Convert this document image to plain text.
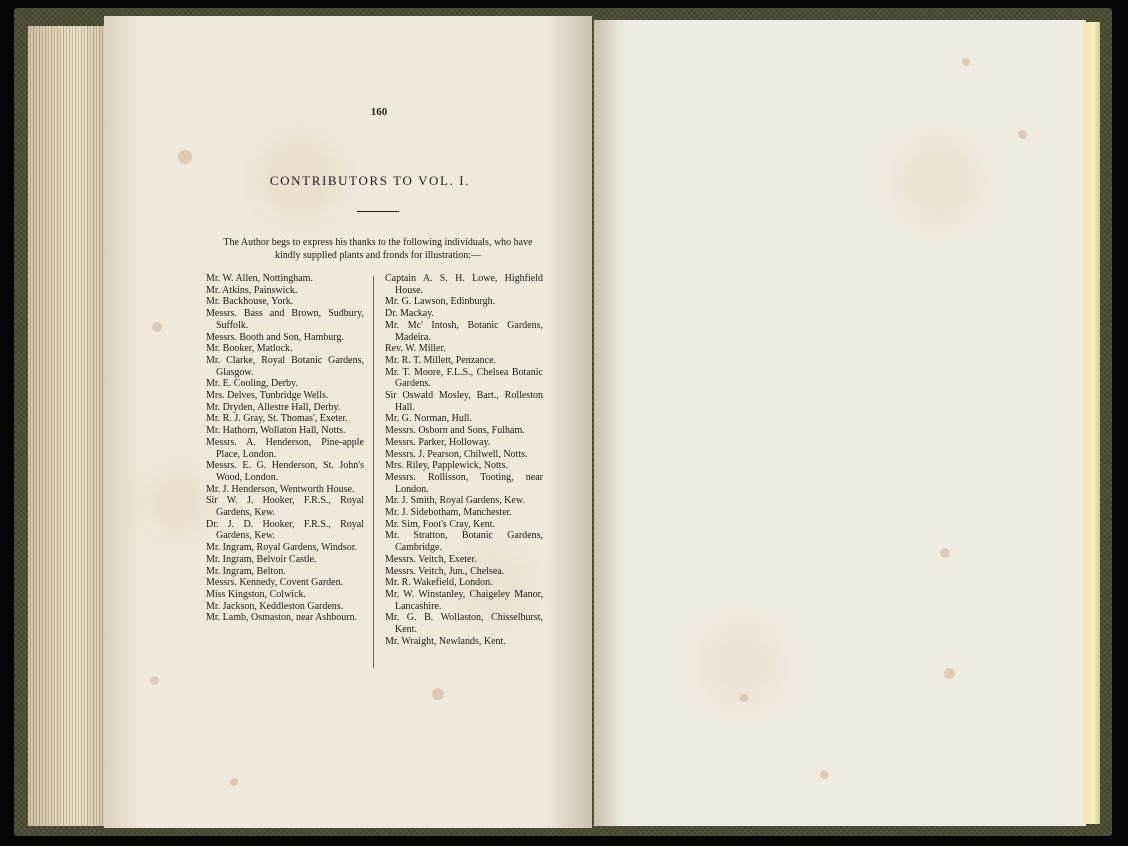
160
CONTRIBUTORS TO VOL. I.
The Author begs to express his thanks to the following individuals, who have kindly supplied plants and fronds for illustration:—
Mr. W. Allen, Nottingham.
Mr. Atkins, Painswick.
Mr. Backhouse, York.
Messrs. Bass and Brown, Sudbury, Suffolk.
Messrs. Booth and Son, Hamburg.
Mr. Booker, Matlock.
Mr. Clarke, Royal Botanic Gardens, Glasgow.
Mr. E. Cooling, Derby.
Mrs. Delves, Tunbridge Wells.
Mr. Dryden, Allestre Hall, Derby.
Mr. R. J. Gray, St. Thomas', Exeter.
Mr. Hathorn, Wollaton Hall, Notts.
Messrs. A. Henderson, Pine-apple Place, London.
Messrs. E. G. Henderson, St. John's Wood, London.
Mr. J. Henderson, Wentworth House.
Sir W. J. Hooker, F.R.S., Royal Gardens, Kew.
Dr. J. D. Hooker, F.R.S., Royal Gardens, Kew.
Mr. Ingram, Royal Gardens, Windsor.
Mr. Ingram, Belvoir Castle.
Mr. Ingram, Belton.
Messrs. Kennedy, Covent Garden.
Miss Kingston, Colwick.
Mr. Jackson, Keddleston Gardens.
Mr. Lamb, Osmaston, near Ashbourn.
Captain A. S. H. Lowe, Highfield House.
Mr. G. Lawson, Edinburgh.
Dr. Mackay.
Mr. Mc' Intosh, Botanic Gardens, Madeira.
Rev. W. Miller.
Mr. R. T. Millett, Penzance.
Mr. T. Moore, F.L.S., Chelsea Botanic Gardens.
Sir Oswald Mosley, Bart., Rolleston Hall.
Mr. G. Norman, Hull.
Messrs. Osborn and Sons, Fulham.
Messrs. Parker, Holloway.
Messrs. J. Pearson, Chilwell, Notts.
Mrs. Riley, Papplewick, Notts.
Messrs. Rollisson, Tooting, near London.
Mr. J. Smith, Royal Gardens, Kew.
Mr. J. Sidebotham, Manchester.
Mr. Sim, Foot's Cray, Kent.
Mr. Stratton, Botanic Gardens, Cambridge.
Messrs. Veitch, Exeter.
Messrs. Veitch, Jun., Chelsea.
Mr. R. Wakefield, London.
Mr. W. Winstanley, Chaigeley Manor, Lancashire.
Mr. G. B. Wollaston, Chisselhurst, Kent.
Mr. Wraight, Newlands, Kent.
